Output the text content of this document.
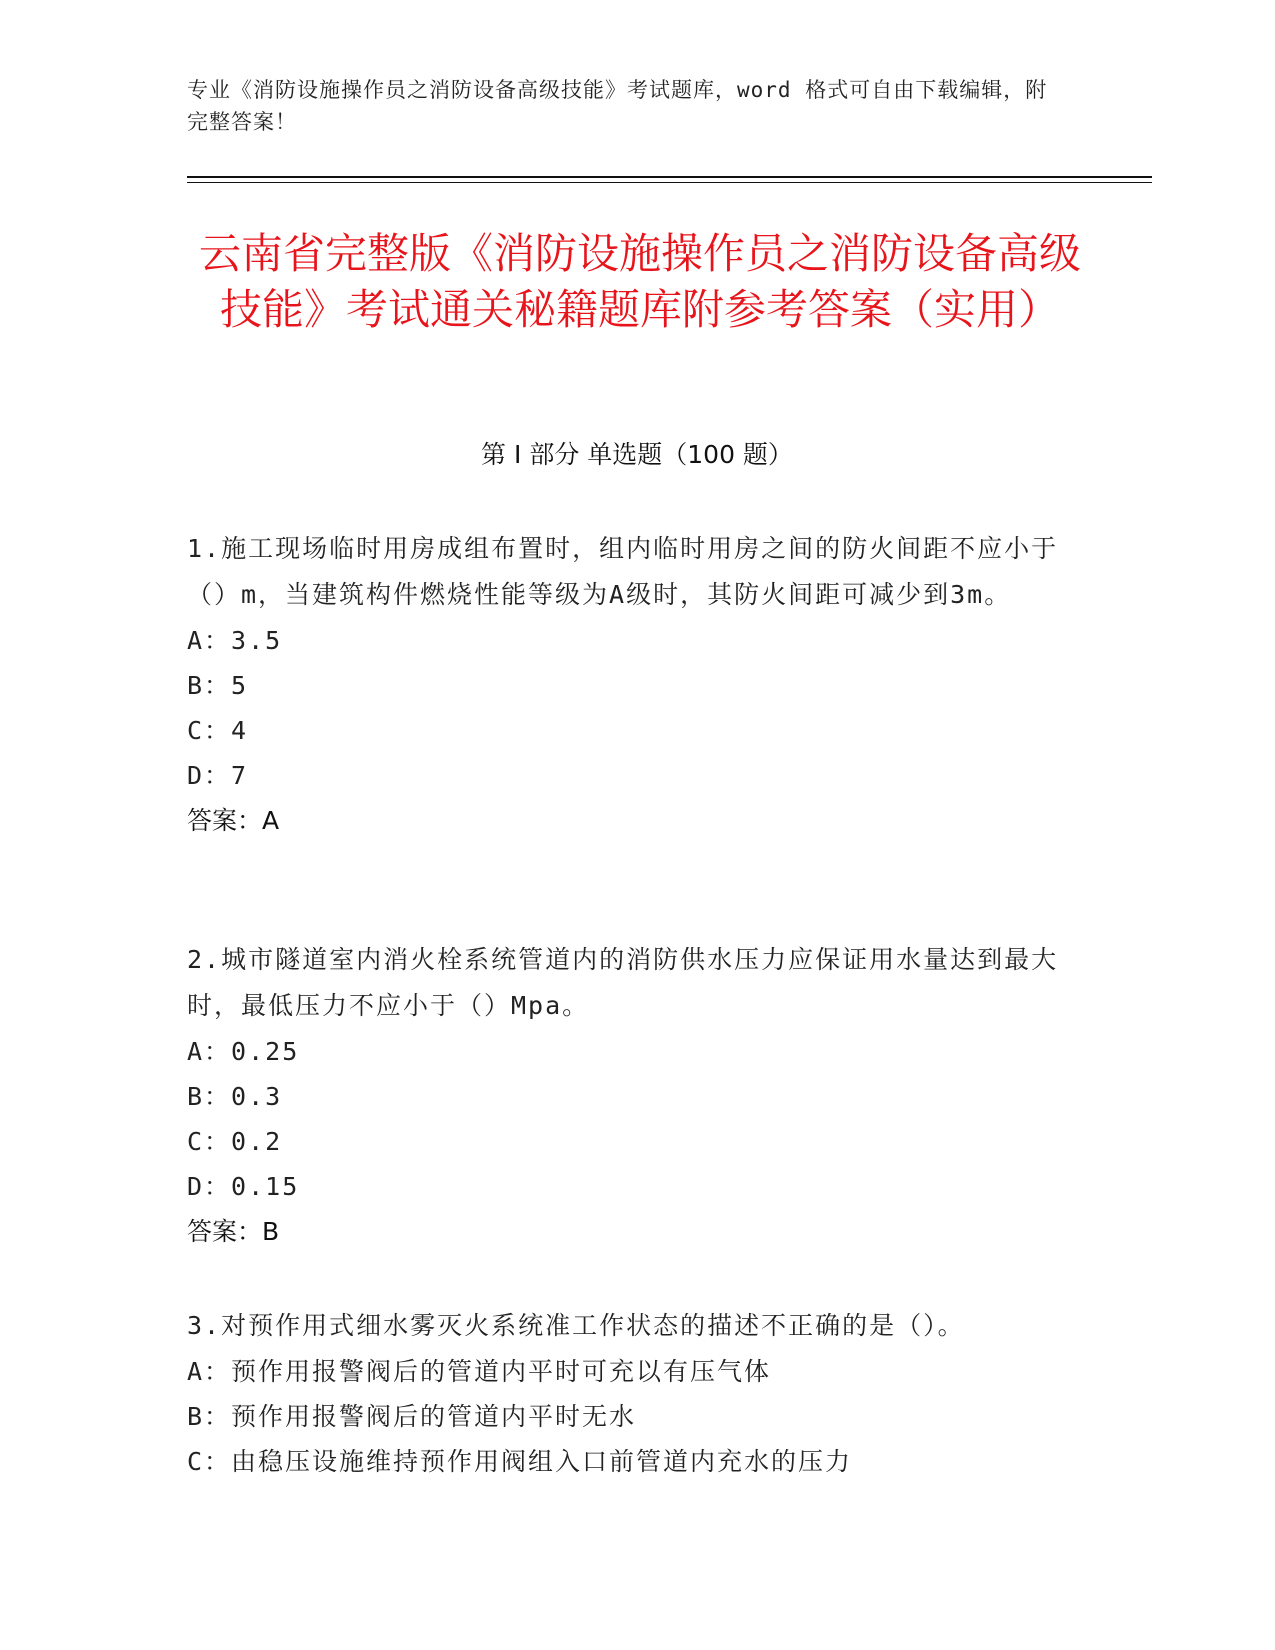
专业《消防设施操作员之消防设备高级技能》考试题库，word 格式可自由下载编辑，附完整答案！
云南省完整版《消防设施操作员之消防设备高级技能》考试通关秘籍题库附参考答案（实用）
第 I 部分 单选题（100 题）

1.施工现场临时用房成组布置时，组内临时用房之间的防火间距不应小于（）m，当建筑构件燃烧性能等级为A级时，其防火间距可减少到3m。

A：3.5

B：5

C：4

D：7

答案：A

2.城市隧道室内消火栓系统管道内的消防供水压力应保证用水量达到最大时，最低压力不应小于（）Mpa。

A：0.25

B：0.3

C：0.2

D：0.15

答案：B

3.对预作用式细水雾灭火系统准工作状态的描述不正确的是（）。

A：预作用报警阀后的管道内平时可充以有压气体

B：预作用报警阀后的管道内平时无水

C：由稳压设施维持预作用阀组入口前管道内充水的压力
